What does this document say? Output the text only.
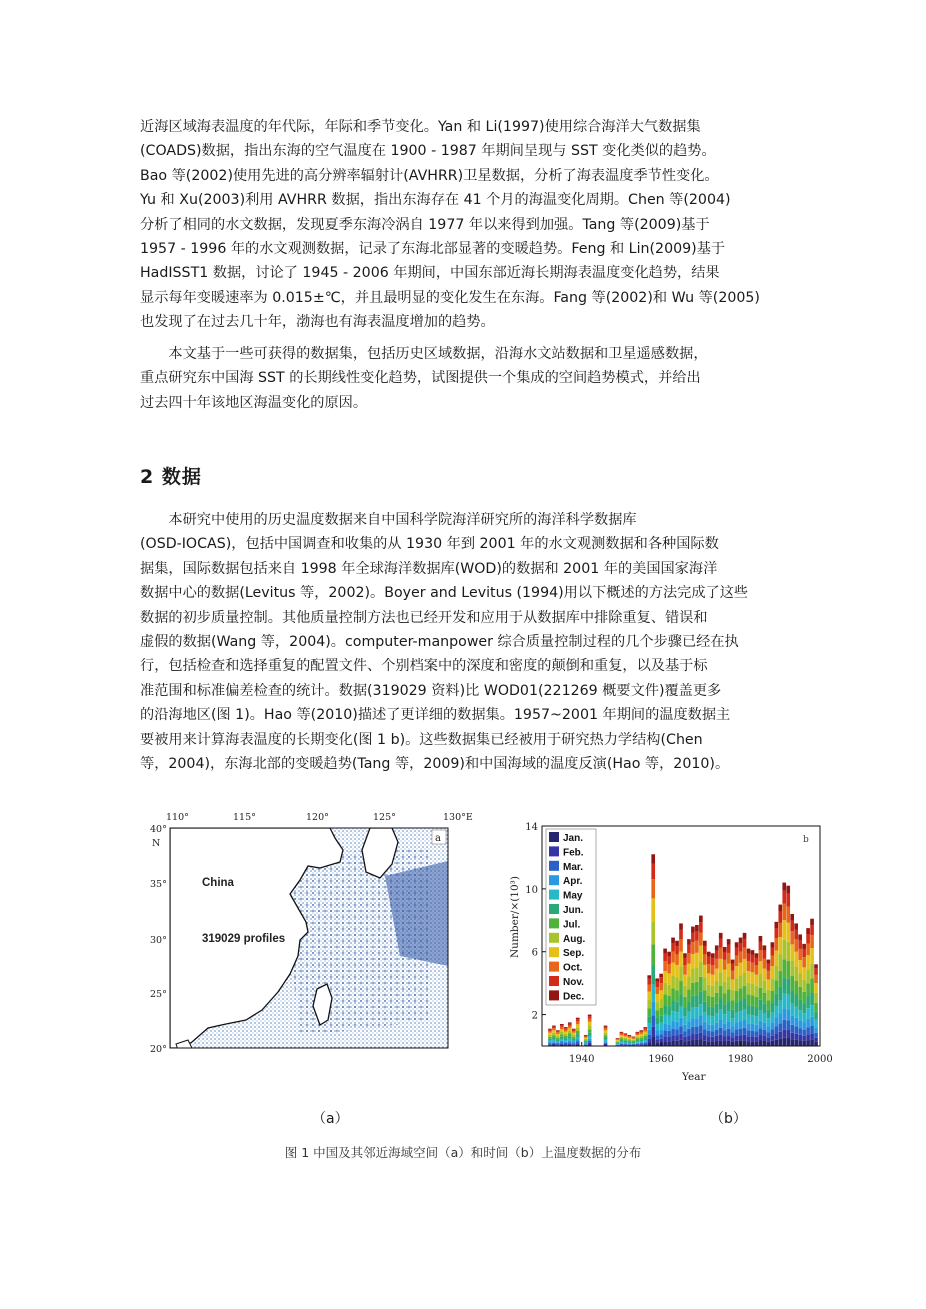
近海区域海表温度的年代际，年际和季节变化。Yan 和 Li(1997)使用综合海洋大气数据集
(COADS)数据，指出东海的空气温度在 1900 - 1987 年期间呈现与 SST 变化类似的趋势。
Bao 等(2002)使用先进的高分辨率辐射计(AVHRR)卫星数据，分析了海表温度季节性变化。
Yu 和 Xu(2003)利用 AVHRR 数据，指出东海存在 41 个月的海温变化周期。Chen 等(2004)
分析了相同的水文数据，发现夏季东海冷涡自 1977 年以来得到加强。Tang 等(2009)基于
1957 - 1996 年的水文观测数据，记录了东海北部显著的变暖趋势。Feng 和 Lin(2009)基于
HadISST1 数据，讨论了 1945 - 2006 年期间，中国东部近海长期海表温度变化趋势，结果
显示每年变暖速率为 0.015±℃，并且最明显的变化发生在东海。Fang 等(2002)和 Wu 等(2005)
也发现了在过去几十年，渤海也有海表温度增加的趋势。
　　本文基于一些可获得的数据集，包括历史区域数据，沿海水文站数据和卫星遥感数据，
重点研究东中国海 SST 的长期线性变化趋势，试图提供一个集成的空间趋势模式，并给出
过去四十年该地区海温变化的原因。
2 数据
　　本研究中使用的历史温度数据来自中国科学院海洋研究所的海洋科学数据库
(OSD-IOCAS)，包括中国调查和收集的从 1930 年到 2001 年的水文观测数据和各种国际数
据集，国际数据包括来自 1998 年全球海洋数据库(WOD)的数据和 2001 年的美国国家海洋
数据中心的数据(Levitus 等，2002)。Boyer and Levitus (1994)用以下概述的方法完成了这些
数据的初步质量控制。其他质量控制方法也已经开发和应用于从数据库中排除重复、错误和
虚假的数据(Wang 等，2004)。computer-manpower 综合质量控制过程的几个步骤已经在执
行，包括检查和选择重复的配置文件、个别档案中的深度和密度的颠倒和重复，以及基于标
准范围和标准偏差检查的统计。数据(319029 资料)比 WOD01(221269 概要文件)覆盖更多
的沿海地区(图 1)。Hao 等(2010)描述了更详细的数据集。1957~2001 年期间的温度数据主
要被用来计算海表温度的长期变化(图 1 b)。这些数据集已经被用于研究热力学结构(Chen
等，2004)，东海北部的变暖趋势(Tang 等，2009)和中国海域的温度反演(Hao 等，2010)。
110°	115°	120°	125°	130°E
40°
N
35°
30°
25°
20°
a
China
319029 profiles
2
6
10
14
1940	1960	1980	2000
Number/×(10³)
Year
b
Jan.
Feb.
Mar.
Apr.
May
Jun.
Jul.
Aug.
Sep.
Oct.
Nov.
Dec.
（a）	（b）
图 1 中国及其邻近海域空间（a）和时间（b）上温度数据的分布
